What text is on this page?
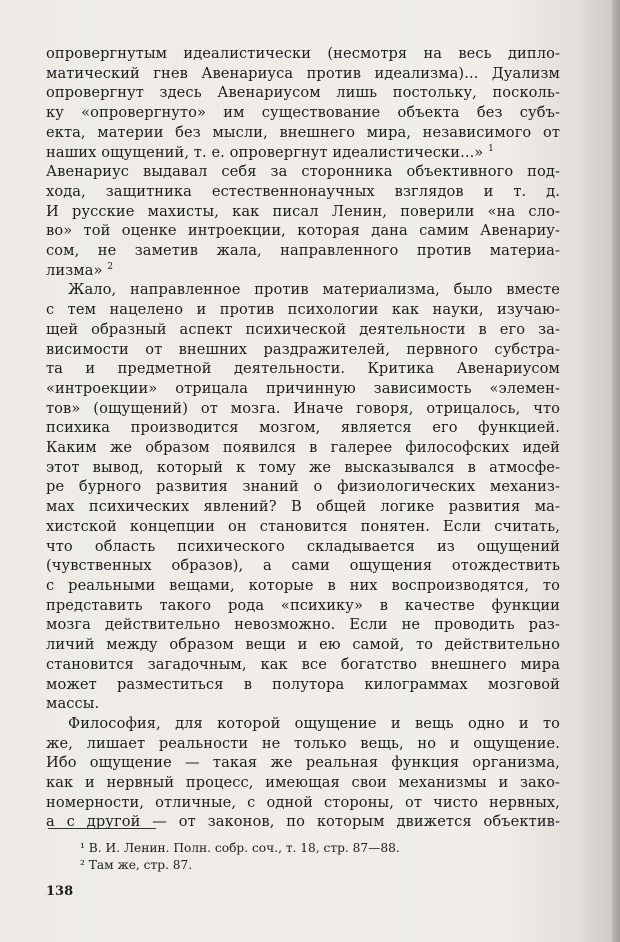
опровергнутым идеалистически (несмотря на весь дипло-
матический гнев Авенариуса против идеализма)... Дуализм
опровергнут здесь Авенариусом лишь постольку, посколь-
ку «опровергнуто» им существование объекта без субъ-
екта, материи без мысли, внешнего мира, независимого от
наших ощущений, т. е. опровергнут идеалистически...» $^1$
Авенариус выдавал себя за сторонника объективного под-
хода, защитника естественнонаучных взглядов и т. д.
И русские махисты, как писал Ленин, поверили «на сло-
во» той оценке интроекции, которая дана самим Авенариу-
сом, не заметив жала, направленного против материа-
лизма» $^2$
Жало, направленное против материализма, было вместе
с тем нацелено и против психологии как науки, изучаю-
щей образный аспект психической деятельности в его за-
висимости от внешних раздражителей, первного субстра-
та и предметной деятельности. Критика Авенариусом
«интроекции» отрицала причинную зависимость «элемен-
тов» (ощущений) от мозга. Иначе говоря, отрицалось, что
психика производится мозгом, является его функцией.
Каким же образом появился в галерее философских идей
этот вывод, который к тому же высказывался в атмосфе-
ре бурного развития знаний о физиологических механиз-
мах психических явлений? В общей логике развития ма-
хистской концепции он становится понятен. Если считать,
что область психического складывается из ощущений
(чувственных образов), а сами ощущения отождествить
с реальными вещами, которые в них воспроизводятся, то
представить такого рода «психику» в качестве функции
мозга действительно невозможно. Если не проводить раз-
личий между образом вещи и ею самой, то действительно
становится загадочным, как все богатство внешнего мира
может разместиться в полутора килограммах мозговой
массы.
Философия, для которой ощущение и вещь одно и то
же, лишает реальности не только вещь, но и ощущение.
Ибо ощущение — такая же реальная функция организма,
как и нервный процесс, имеющая свои механизмы и зако-
номерности, отличные, с одной стороны, от чисто нервных,
а с другой — от законов, по которым движется объектив-
¹ В. И. Ленин. Полн. собр. соч., т. 18, стр. 87—88.
² Там же, стр. 87.
138
